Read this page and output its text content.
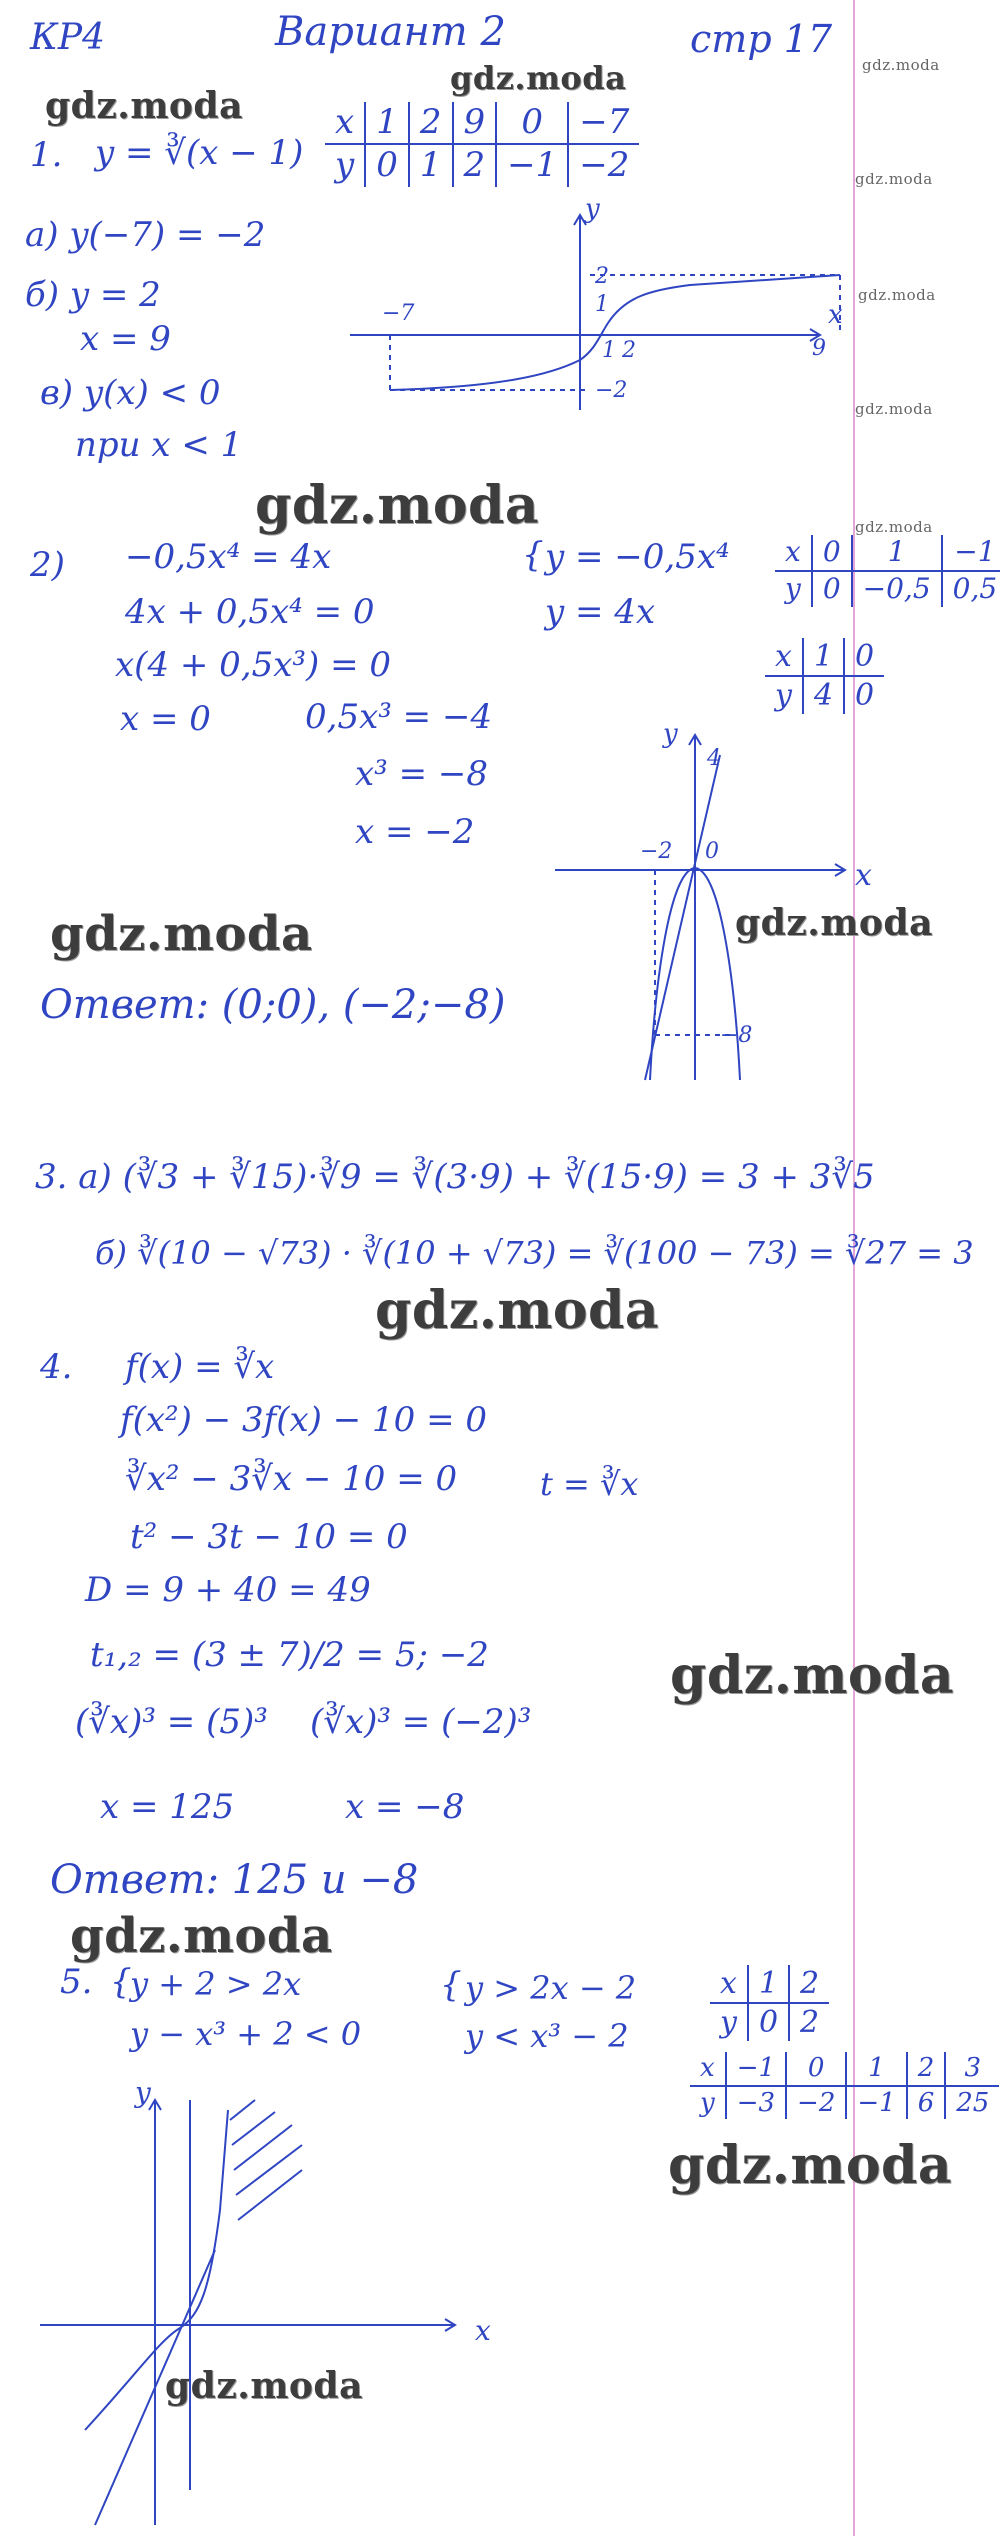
КР4	Вариант 2	стр 17
gdz.moda
gdz.moda
gdz.moda
gdz.moda
gdz.moda
gdz.moda
gdz.moda
gdz.moda
gdz.moda	gdz.moda
gdz.moda
gdz.moda
gdz.moda
gdz.moda
gdz.moda
1. y = ∛(x − 1)
x	1	2	9	0	−7
y	0	1	2	−1	−2
а) y(−7) = −2
б) y = 2
x = 9
в) y(x) < 0
при x < 1
y
x
−7
2
1
1 2	9
−2
2) −0,5x⁴ = 4x
4x + 0,5x⁴ = 0
x(4 + 0,5x³) = 0
x = 0	0,5x³ = −4
x³ = −8
x = −2
{ y = −0,5x⁴
y = 4x
x	0	1	−1
y	0	−0,5	0,5
x	1	0
y	4	0
y
x
4
−2 0
−8
Ответ: (0;0), (−2;−8)
3. а) (∛3 + ∛15)·∛9 = ∛(3·9) + ∛(15·9) = 3 + 3∛5
б) ∛(10 − √73) · ∛(10 + √73) = ∛(100 − 73) = ∛27 = 3
4. f(x) = ∛x
f(x²) − 3f(x) − 10 = 0
∛x² − 3∛x − 10 = 0	t = ∛x
t² − 3t − 10 = 0
D = 9 + 40 = 49
t₁,₂ = (3 ± 7)/2 = 5; −2
(∛x)³ = (5)³ (∛x)³ = (−2)³
x = 125	x = −8
Ответ: 125 и −8
5. {
y + 2 > 2x
y − x³ + 2 < 0
{ y > 2x − 2
y < x³ − 2
x	1	2
y	0	2
x	−1	0	1	2	3
y	−3	−2	−1	6	25
y
x
